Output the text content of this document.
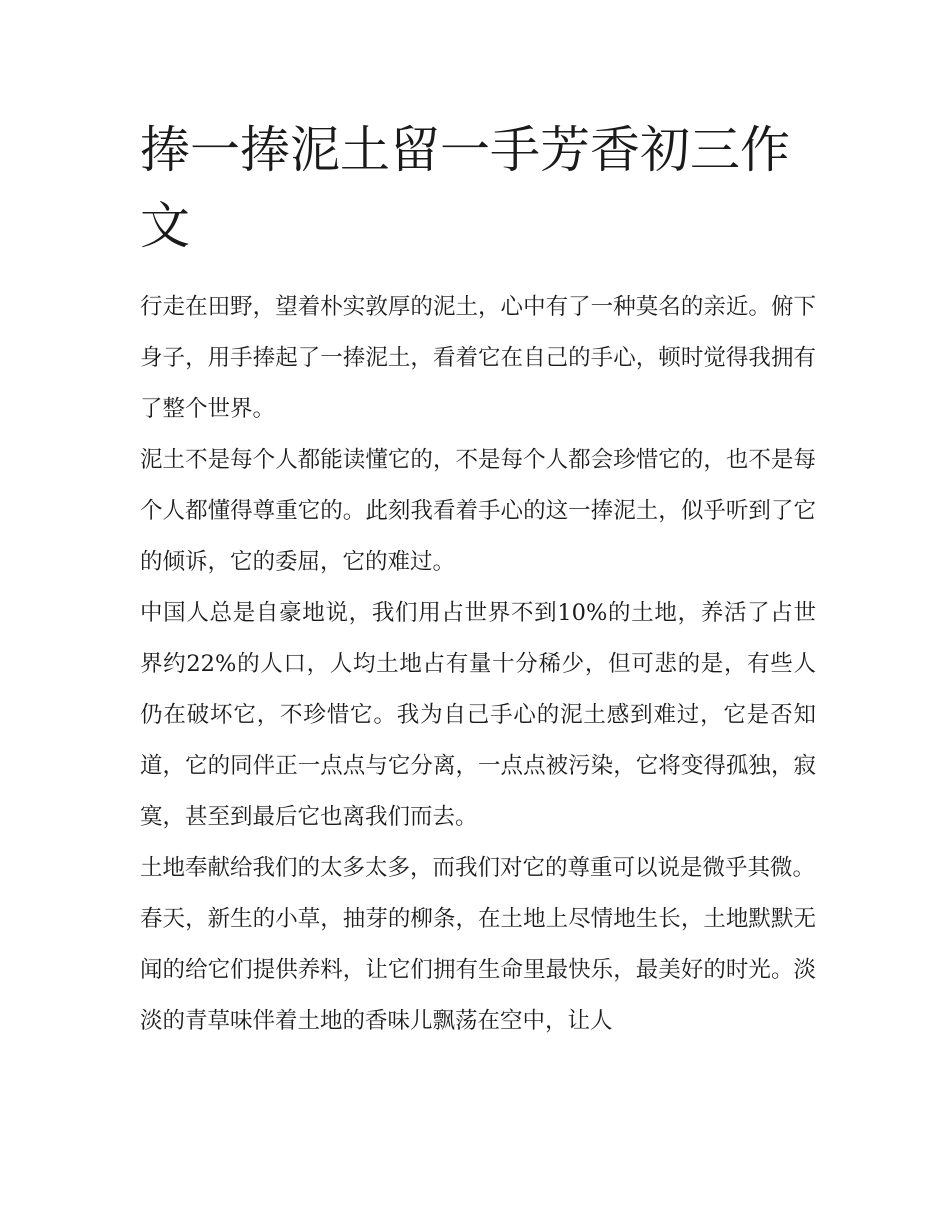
捧一捧泥土留一手芳香初三作文

行走在田野，望着朴实敦厚的泥土，心中有了一种莫名的亲近。俯下身子，用手捧起了一捧泥土，看着它在自己的手心，顿时觉得我拥有了整个世界。

泥土不是每个人都能读懂它的，不是每个人都会珍惜它的，也不是每个人都懂得尊重它的。此刻我看着手心的这一捧泥土，似乎听到了它的倾诉，它的委屈，它的难过。

中国人总是自豪地说，我们用占世界不到10%的土地，养活了占世界约22%的人口，人均土地占有量十分稀少，但可悲的是，有些人仍在破坏它，不珍惜它。我为自己手心的泥土感到难过，它是否知道，它的同伴正一点点与它分离，一点点被污染，它将变得孤独，寂寞，甚至到最后它也离我们而去。

土地奉献给我们的太多太多，而我们对它的尊重可以说是微乎其微。

春天，新生的小草，抽芽的柳条，在土地上尽情地生长，土地默默无闻的给它们提供养料，让它们拥有生命里最快乐，最美好的时光。淡淡的青草味伴着土地的香味儿飘荡在空中，让人
